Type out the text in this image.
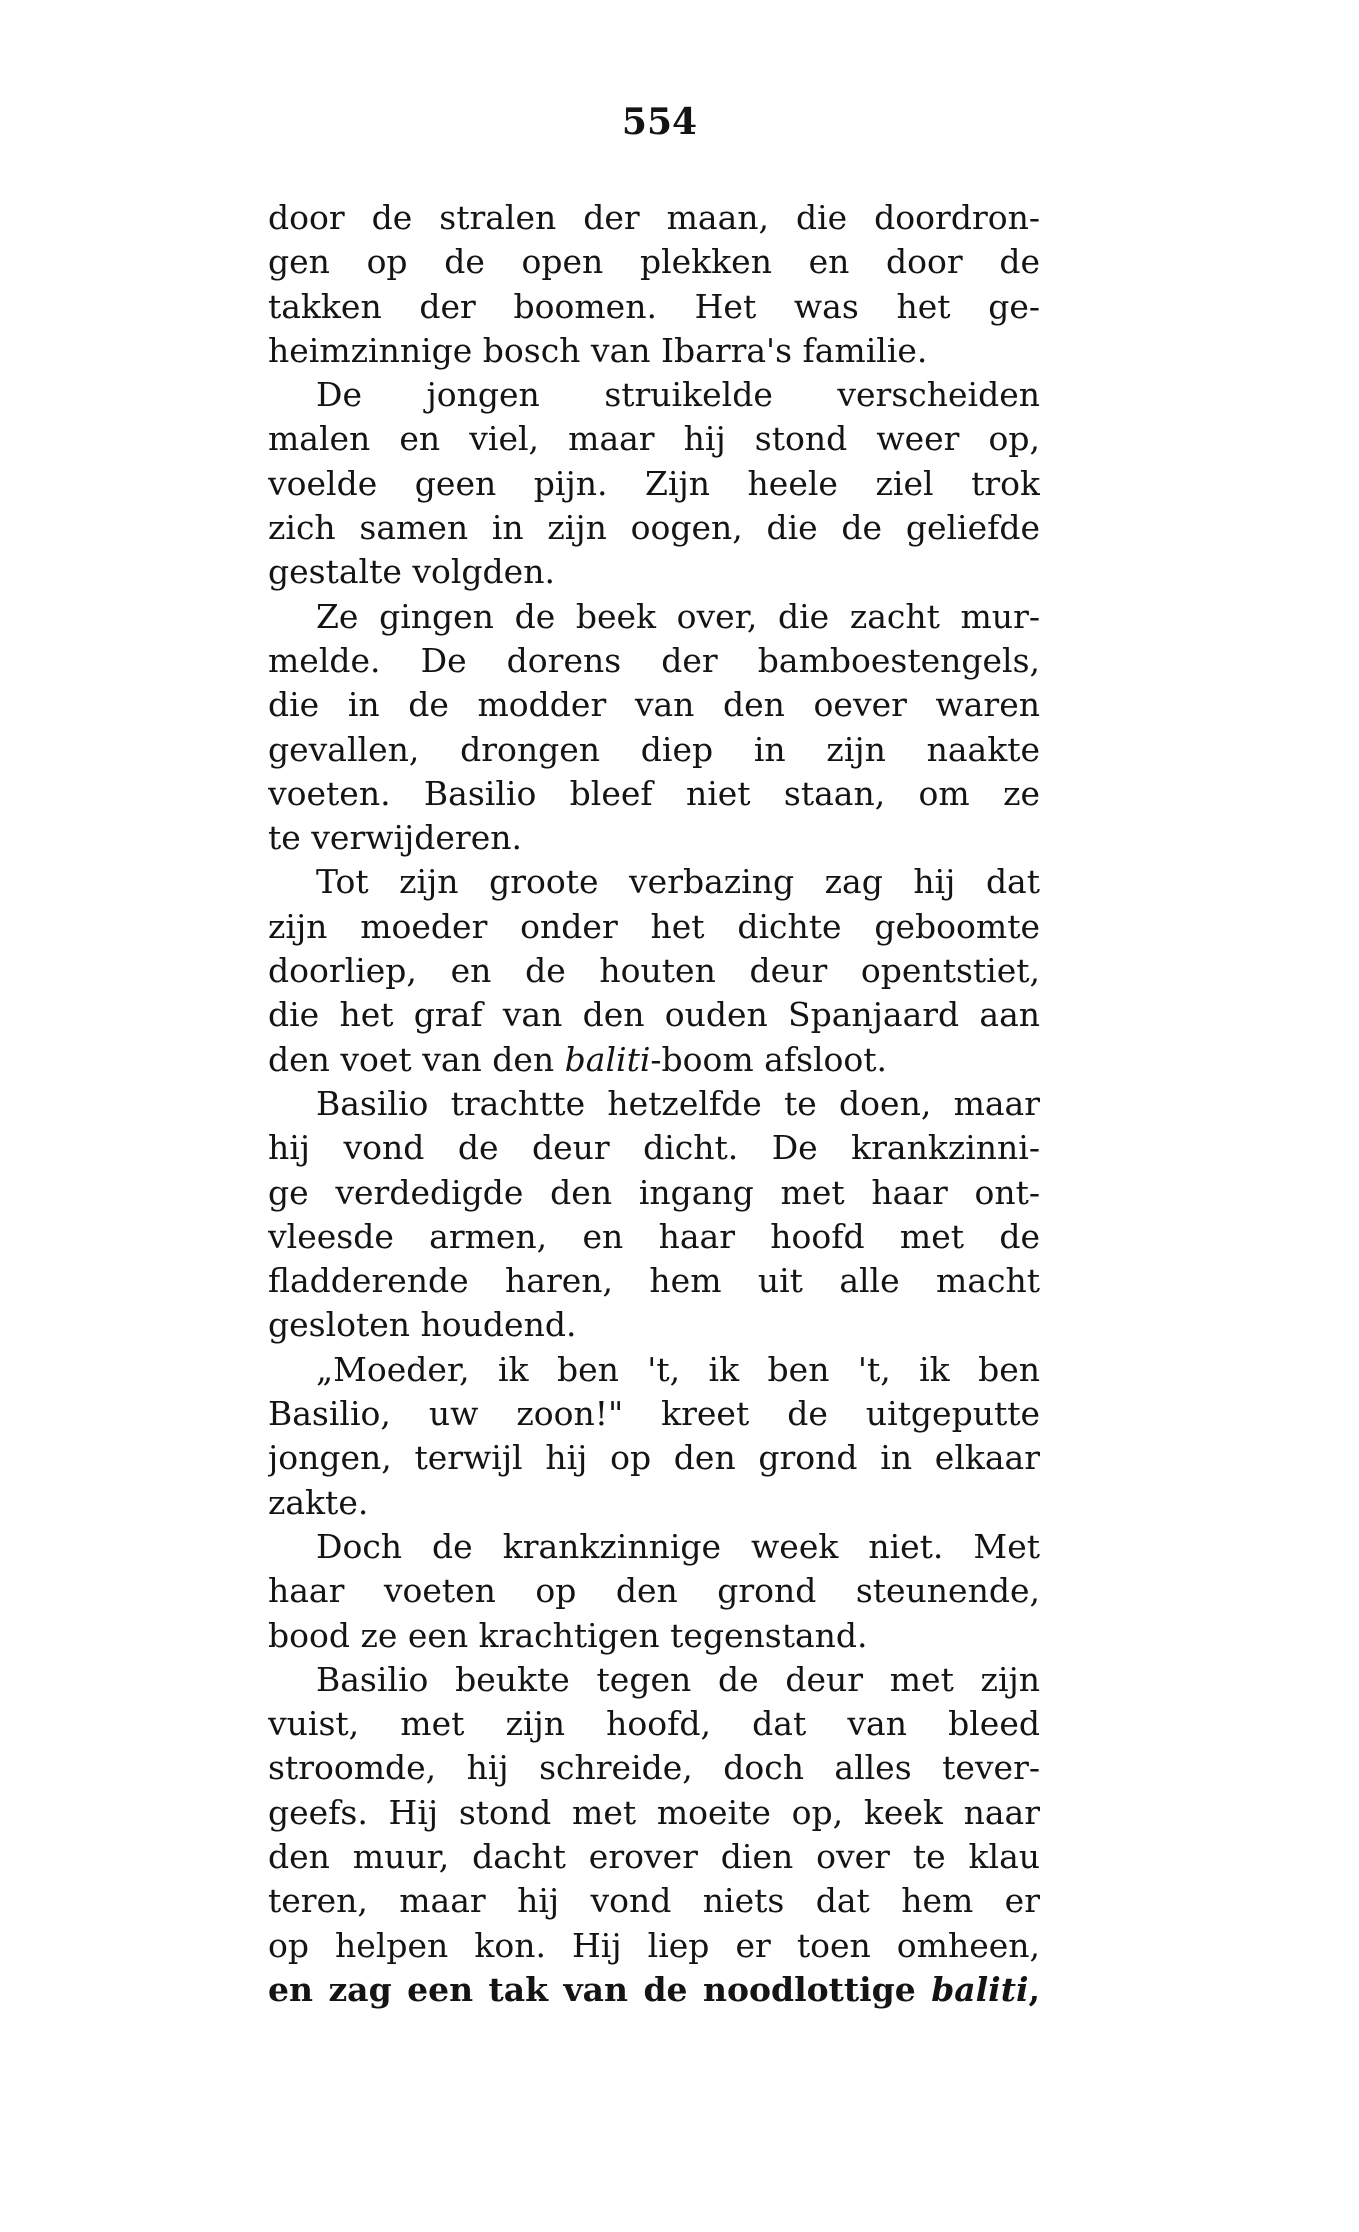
554
door de stralen der maan, die doordron-
gen op de open plekken en door de
takken der boomen. Het was het ge-
heimzinnige bosch van Ibarra's familie.
De jongen struikelde verscheiden
malen en viel, maar hij stond weer op,
voelde geen pijn. Zijn heele ziel trok
zich samen in zijn oogen, die de geliefde
gestalte volgden.
Ze gingen de beek over, die zacht mur-
melde. De dorens der bamboestengels,
die in de modder van den oever waren
gevallen, drongen diep in zijn naakte
voeten. Basilio bleef niet staan, om ze
te verwijderen.
Tot zijn groote verbazing zag hij dat
zijn moeder onder het dichte geboomte
doorliep, en de houten deur opentstiet,
die het graf van den ouden Spanjaard aan
den voet van den baliti-boom afsloot.
Basilio trachtte hetzelfde te doen, maar
hij vond de deur dicht. De krankzinni-
ge verdedigde den ingang met haar ont-
vleesde armen, en haar hoofd met de
fladderende haren, hem uit alle macht
gesloten houdend.
„Moeder, ik ben 't, ik ben 't, ik ben
Basilio, uw zoon!" kreet de uitgeputte
jongen, terwijl hij op den grond in elkaar
zakte.
Doch de krankzinnige week niet. Met
haar voeten op den grond steunende,
bood ze een krachtigen tegenstand.
Basilio beukte tegen de deur met zijn
vuist, met zijn hoofd, dat van bleed
stroomde, hij schreide, doch alles tever-
geefs. Hij stond met moeite op, keek naar
den muur, dacht erover dien over te klau
teren, maar hij vond niets dat hem er
op helpen kon. Hij liep er toen omheen,
en zag een tak van de noodlottige baliti,
